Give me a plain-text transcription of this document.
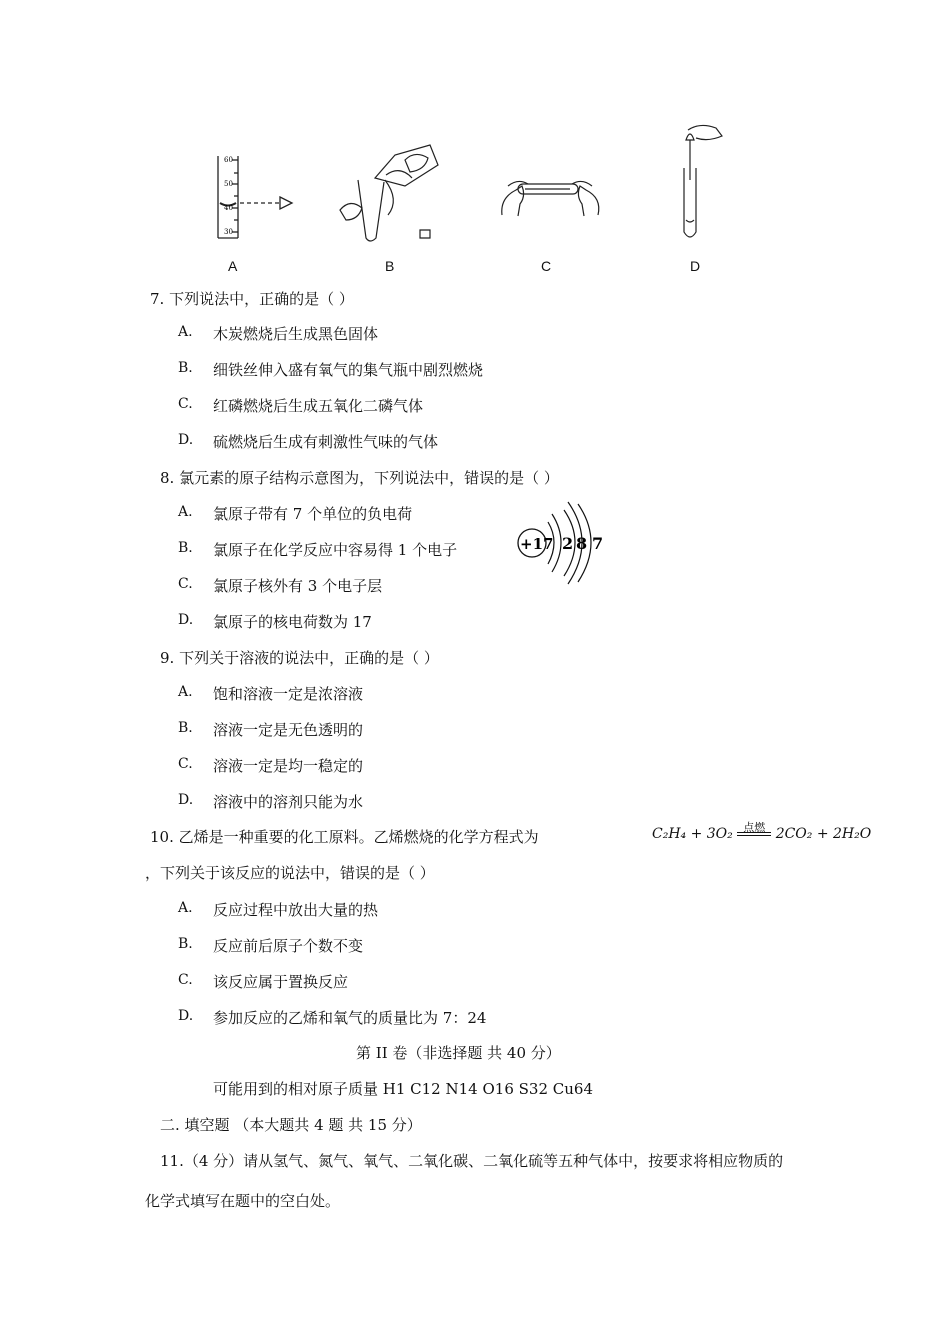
60
50
40
30
A	B	C	D
7. 下列说法中，正确的是（ ）
A. 木炭燃烧后生成黑色固体
B. 细铁丝伸入盛有氧气的集气瓶中剧烈燃烧
C. 红磷燃烧后生成五氧化二磷气体
D. 硫燃烧后生成有刺激性气味的气体
8. 氯元素的原子结构示意图为，下列说法中，错误的是（ ）
A. 氯原子带有 7 个单位的负电荷
B. 氯原子在化学反应中容易得 1 个电子
C. 氯原子核外有 3 个电子层
D. 氯原子的核电荷数为 17
+17 2 8 7
9. 下列关于溶液的说法中，正确的是（ ）
A. 饱和溶液一定是浓溶液
B. 溶液一定是无色透明的
C. 溶液一定是均一稳定的
D. 溶液中的溶剂只能为水
10. 乙烯是一种重要的化工原料。乙烯燃烧的化学方程式为	C₂H₄ + 3O₂ 点燃 2CO₂ + 2H₂O
，下列关于该反应的说法中，错误的是（ ）
A. 反应过程中放出大量的热
B. 反应前后原子个数不变
C. 该反应属于置换反应
D. 参加反应的乙烯和氧气的质量比为 7：24
第 II 卷（非选择题 共 40 分）
可能用到的相对原子质量 H1 C12 N14 O16 S32 Cu64
二. 填空题 （本大题共 4 题 共 15 分）
11.（4 分）请从氢气、氮气、氧气、二氧化碳、二氧化硫等五种气体中，按要求将相应物质的
化学式填写在题中的空白处。
